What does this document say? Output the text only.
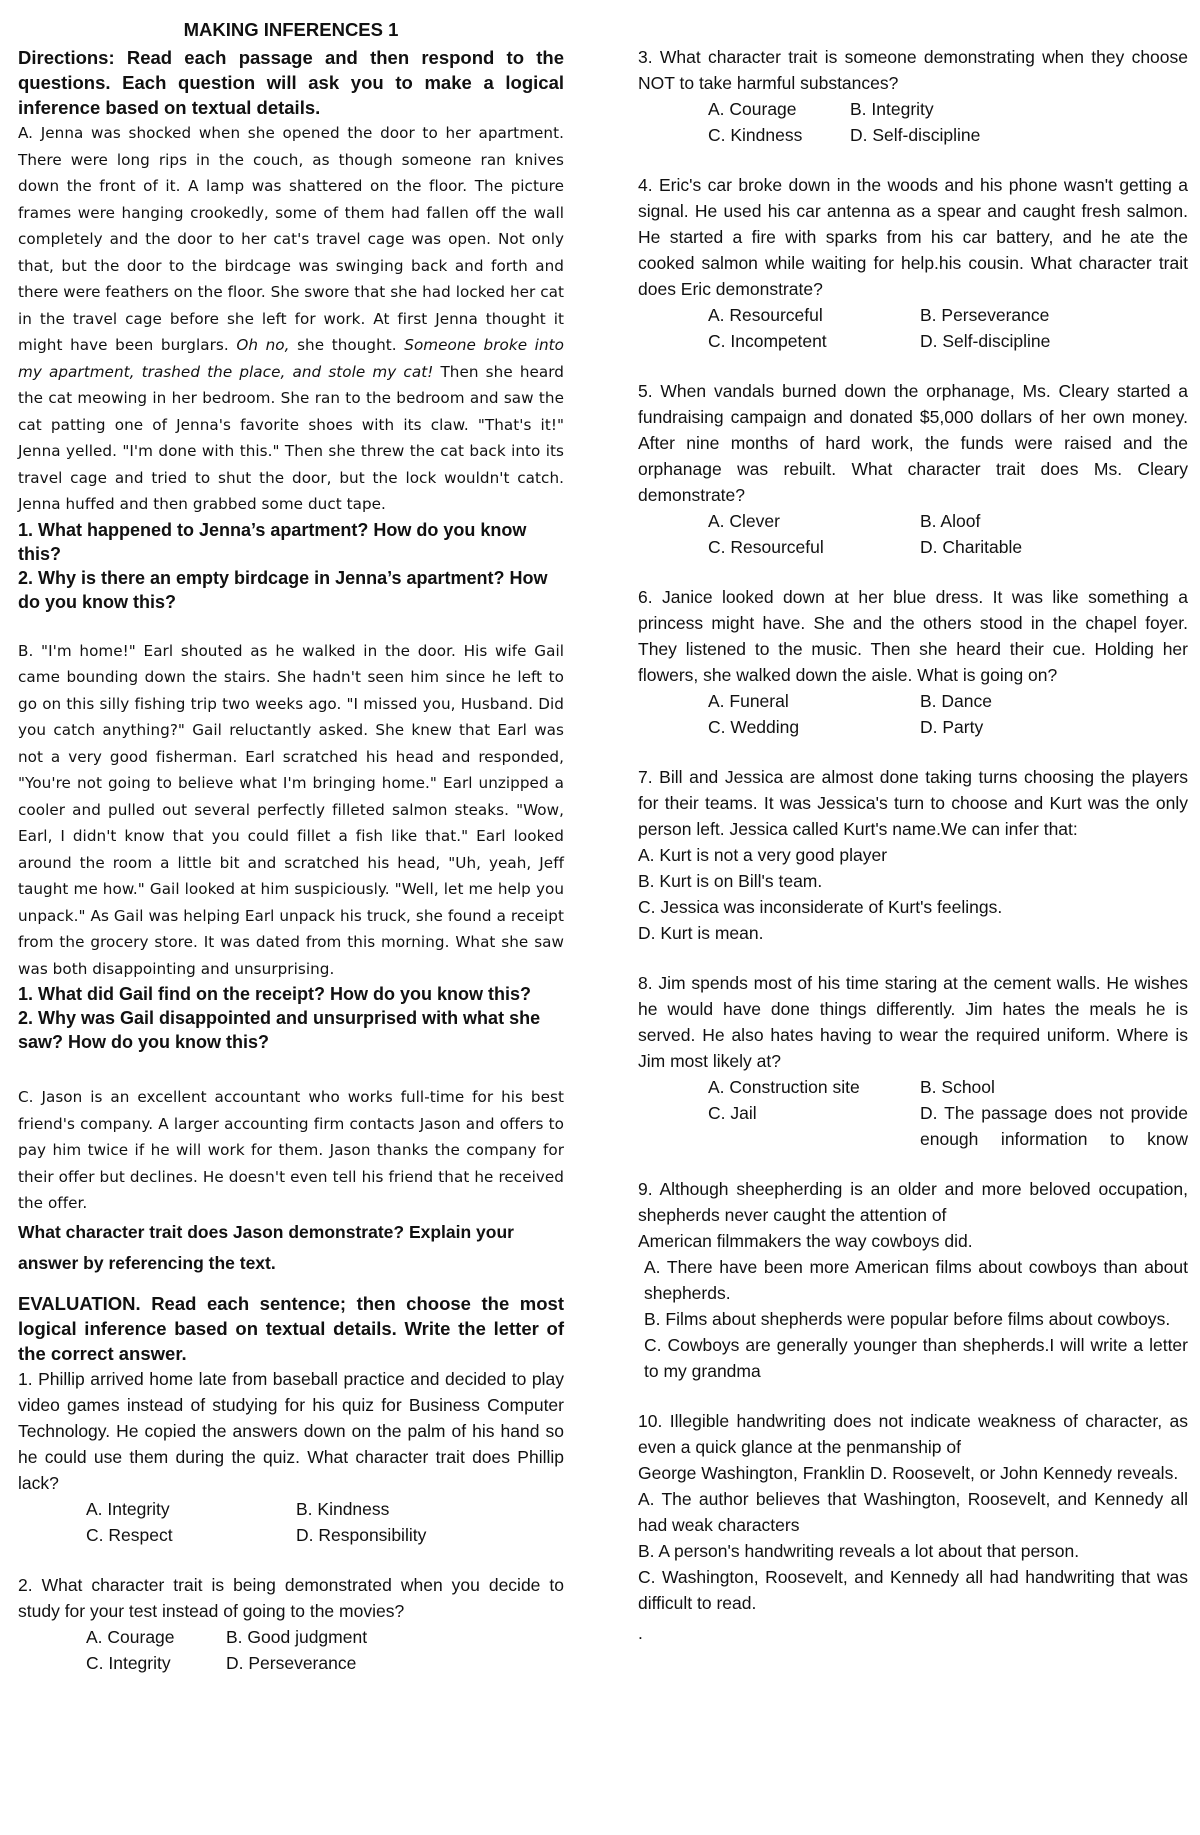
MAKING INFERENCES 1

Directions: Read each passage and then respond to the questions. Each question will ask you to make a logical inference based on textual details.

A. Jenna was shocked when she opened the door to her apartment. There were long rips in the couch, as though someone ran knives down the front of it. A lamp was shattered on the floor. The picture frames were hanging crookedly, some of them had fallen off the wall completely and the door to her cat's travel cage was open. Not only that, but the door to the birdcage was swinging back and forth and there were feathers on the floor. She swore that she had locked her cat in the travel cage before she left for work. At first Jenna thought it might have been burglars. Oh no, she thought. Someone broke into my apartment, trashed the place, and stole my cat! Then she heard the cat meowing in her bedroom. She ran to the bedroom and saw the cat patting one of Jenna's favorite shoes with its claw. "That's it!" Jenna yelled. "I'm done with this." Then she threw the cat back into its travel cage and tried to shut the door, but the lock wouldn't catch. Jenna huffed and then grabbed some duct tape.

1. What happened to Jenna’s apartment? How do you know this?

2. Why is there an empty birdcage in Jenna’s apartment? How do you know this?

B. "I'm home!" Earl shouted as he walked in the door. His wife Gail came bounding down the stairs. She hadn't seen him since he left to go on this silly fishing trip two weeks ago. "I missed you, Husband. Did you catch anything?" Gail reluctantly asked. She knew that Earl was not a very good fisherman. Earl scratched his head and responded, "You're not going to believe what I'm bringing home." Earl unzipped a cooler and pulled out several perfectly filleted salmon steaks. "Wow, Earl, I didn't know that you could fillet a fish like that." Earl looked around the room a little bit and scratched his head, "Uh, yeah, Jeff taught me how." Gail looked at him suspiciously. "Well, let me help you unpack." As Gail was helping Earl unpack his truck, she found a receipt from the grocery store. It was dated from this morning. What she saw was both disappointing and unsurprising.

1. What did Gail find on the receipt? How do you know this?

2. Why was Gail disappointed and unsurprised with what she saw? How do you know this?

C. Jason is an excellent accountant who works full-time for his best friend's company. A larger accounting firm contacts Jason and offers to pay him twice if he will work for them. Jason thanks the company for their offer but declines. He doesn't even tell his friend that he received the offer.

What character trait does Jason demonstrate? Explain your answer by referencing the text.

EVALUATION. Read each sentence; then choose the most logical inference based on textual details. Write the letter of the correct answer.

1. Phillip arrived home late from baseball practice and decided to play video games instead of studying for his quiz for Business Computer Technology. He copied the answers down on the palm of his hand so he could use them during the quiz. What character trait does Phillip lack?

A. Integrity	B. Kindness
C. Respect	D. Responsibility

2. What character trait is being demonstrated when you decide to study for your test instead of going to the movies?

A. Courage	B. Good judgment
C. Integrity	D. Perseverance

3. What character trait is someone demonstrating when they choose NOT to take harmful substances?

A. Courage	B. Integrity
C. Kindness	D. Self-discipline

4. Eric's car broke down in the woods and his phone wasn't getting a signal. He used his car antenna as a spear and caught fresh salmon. He started a fire with sparks from his car battery, and he ate the cooked salmon while waiting for help.his cousin. What character trait does Eric demonstrate?

A. Resourceful	B. Perseverance
C. Incompetent	D. Self-discipline

5. When vandals burned down the orphanage, Ms. Cleary started a fundraising campaign and donated $5,000 dollars of her own money. After nine months of hard work, the funds were raised and the orphanage was rebuilt. What character trait does Ms. Cleary demonstrate?

A. Clever	B. Aloof
C. Resourceful	D. Charitable

6. Janice looked down at her blue dress. It was like something a princess might have. She and the others stood in the chapel foyer. They listened to the music. Then she heard their cue. Holding her flowers, she walked down the aisle. What is going on?

A. Funeral	B. Dance
C. Wedding	D. Party

7. Bill and Jessica are almost done taking turns choosing the players for their teams. It was Jessica's turn to choose and Kurt was the only person left. Jessica called Kurt's name.We can infer that:

A. Kurt is not a very good player
B. Kurt is on Bill's team.
C. Jessica was inconsiderate of Kurt's feelings.
D. Kurt is mean.

8. Jim spends most of his time staring at the cement walls. He wishes he would have done things differently. Jim hates the meals he is served. He also hates having to wear the required uniform. Where is Jim most likely at?

A. Construction site	B. School
C. Jail	D. The passage does not provide enough information to know

9. Although sheepherding is an older and more beloved occupation, shepherds never caught the attention of

American filmmakers the way cowboys did.

A. There have been more American films about cowboys than about shepherds.
B. Films about shepherds were popular before films about cowboys.
C. Cowboys are generally younger than shepherds.I will write a letter to my grandma

10. Illegible handwriting does not indicate weakness of character, as even a quick glance at the penmanship of

George Washington, Franklin D. Roosevelt, or John Kennedy reveals.

A. The author believes that Washington, Roosevelt, and Kennedy all had weak characters
B. A person's handwriting reveals a lot about that person.
C. Washington, Roosevelt, and Kennedy all had handwriting that was difficult to read.
.
